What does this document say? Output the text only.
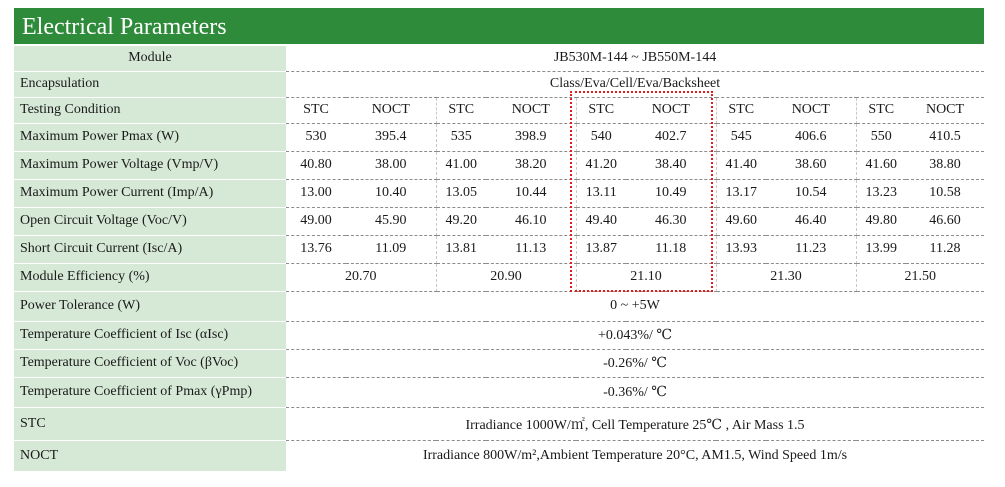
Electrical Parameters
Module	JB530M-144 ~ JB550M-144									
Encapsulation	Class/Eva/Cell/Eva/Backsheet									
Testing Condition	STC	NOCT	STC	NOCT	STC	NOCT	STC	NOCT	STC	NOCT
Maximum Power Pmax (W)	530	395.4	535	398.9	540	402.7	545	406.6	550	410.5
Maximum Power Voltage (Vmp/V)	40.80	38.00	41.00	38.20	41.20	38.40	41.40	38.60	41.60	38.80
Maximum Power Current (Imp/A)	13.00	10.40	13.05	10.44	13.11	10.49	13.17	10.54	13.23	10.58
Open Circuit Voltage (Voc/V)	49.00	45.90	49.20	46.10	49.40	46.30	49.60	46.40	49.80	46.60
Short Circuit Current (Isc/A)	13.76	11.09	13.81	11.13	13.87	11.18	13.93	11.23	13.99	11.28
Module Efficiency (%)	20.70		20.90		21.10		21.30		21.50	
Power Tolerance (W)	0 ~ +5W									
Temperature Coefficient of Isc (αIsc)	+0.043%/ ℃									
Temperature Coefficient of Voc (βVoc)	-0.26%/ ℃									
Temperature Coefficient of Pmax (γPmp)	-0.36%/ ℃									
STC	Irradiance 1000W/㎡, Cell Temperature 25℃ , Air Mass 1.5									
NOCT	Irradiance 800W/m²,Ambient Temperature 20°C, AM1.5, Wind Speed 1m/s									
